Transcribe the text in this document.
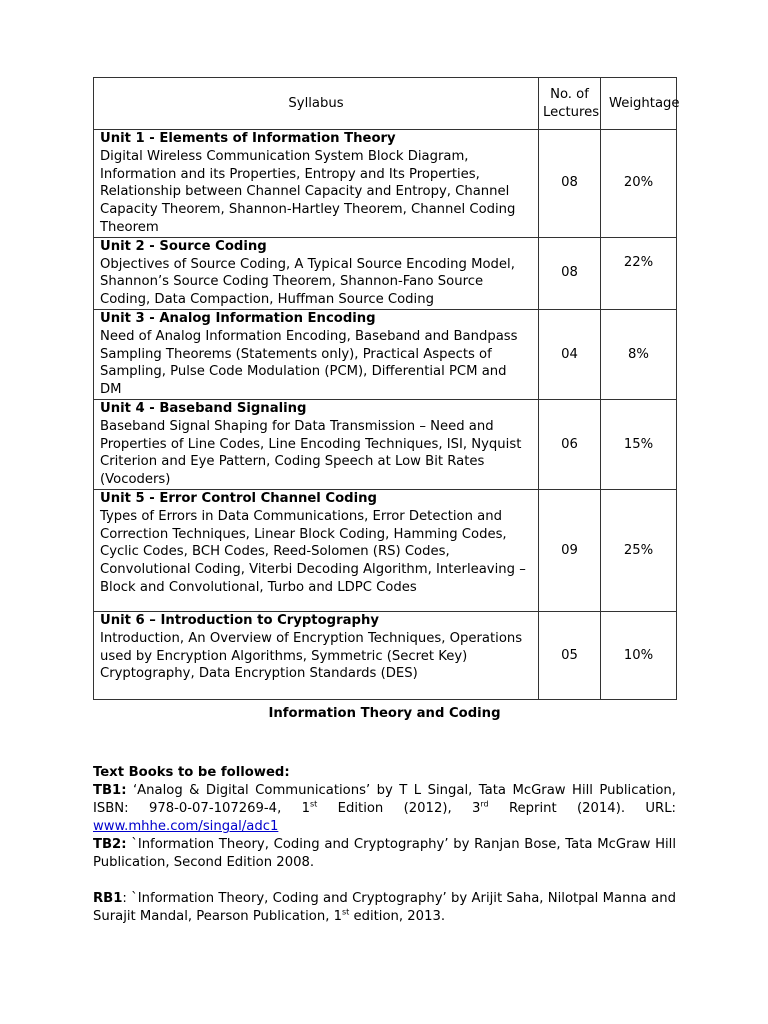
Syllabus	No. of Lectures	Weightage

Unit 1 - Elements of Information Theory
Digital Wireless Communication System Block Diagram, Information and its Properties, Entropy and Its Properties, Relationship between Channel Capacity and Entropy, Channel Capacity Theorem, Shannon-Hartley Theorem, Channel Coding Theorem	08	20%

Unit 2 - Source Coding
Objectives of Source Coding, A Typical Source Encoding Model, Shannon’s Source Coding Theorem, Shannon-Fano Source Coding, Data Compaction, Huffman Source Coding	08	22%

Unit 3 - Analog Information Encoding
Need of Analog Information Encoding, Baseband and Bandpass Sampling Theorems (Statements only), Practical Aspects of Sampling, Pulse Code Modulation (PCM), Differential PCM and DM	04	8%

Unit 4 - Baseband Signaling
Baseband Signal Shaping for Data Transmission – Need and Properties of Line Codes, Line Encoding Techniques, ISI, Nyquist Criterion and Eye Pattern, Coding Speech at Low Bit Rates (Vocoders)	06	15%

Unit 5 - Error Control Channel Coding
Types of Errors in Data Communications, Error Detection and Correction Techniques, Linear Block Coding, Hamming Codes, Cyclic Codes, BCH Codes, Reed-Solomen (RS) Codes, Convolutional Coding, Viterbi Decoding Algorithm, Interleaving – Block and Convolutional, Turbo and LDPC Codes	09	25%

Unit 6 – Introduction to Cryptography
Introduction, An Overview of Encryption Techniques, Operations used by Encryption Algorithms, Symmetric (Secret Key) Cryptography, Data Encryption Standards (DES)	05	10%
Information Theory and Coding

Text Books to be followed:

TB1: ‘Analog & Digital Communications’ by T L Singal, Tata McGraw Hill Publication, ISBN: 978-0-07-107269-4, 1st Edition (2012), 3rd Reprint (2014). URL: www.mhhe.com/singal/adc1

TB2: `Information Theory, Coding and Cryptography’ by Ranjan Bose, Tata McGraw Hill Publication, Second Edition 2008.

RB1: `Information Theory, Coding and Cryptography’ by Arijit Saha, Nilotpal Manna and Surajit Mandal, Pearson Publication, 1st edition, 2013.
